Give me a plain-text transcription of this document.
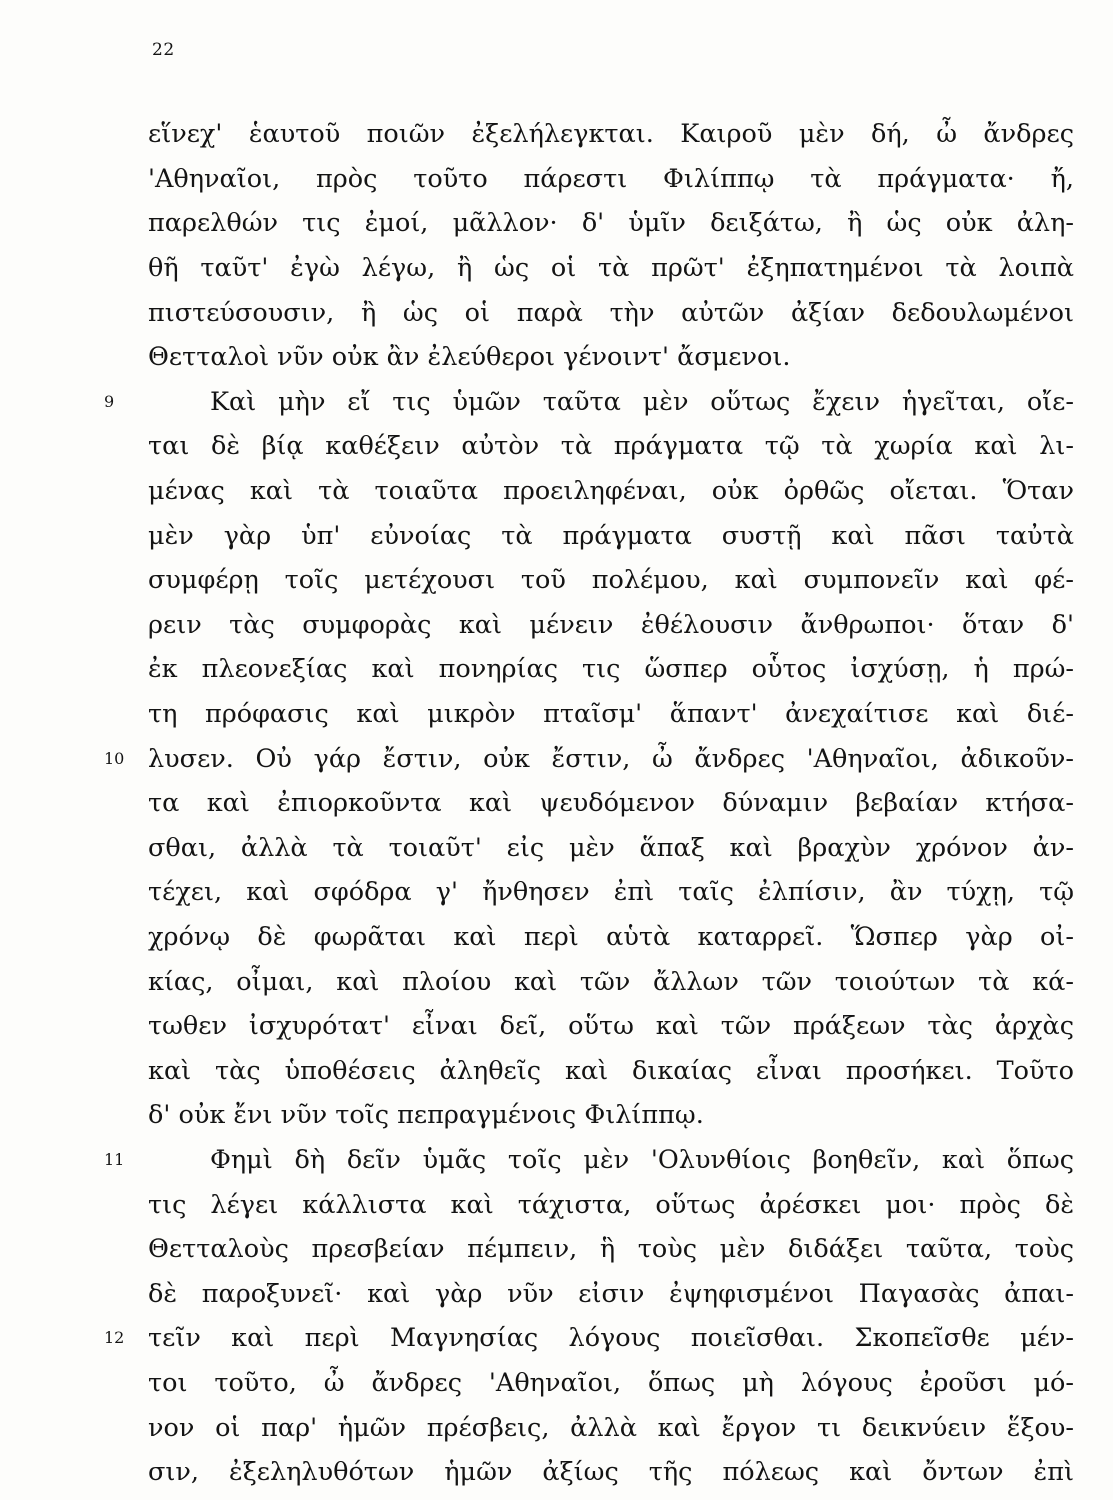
22
εἵνεχ' ἑαυτοῦ ποιῶν ἐξελήλεγκται. Καιροῦ μὲν δή, ὦ ἄνδρες
'Αθηναῖοι, πρὸς τοῦτο πάρεστι Φιλίππῳ τὰ πράγματα· ἤ,
παρελθών τις ἐμοί, μᾶλλον· δ' ὑμῖν δειξάτω, ἢ ὡς οὐκ ἀλη-
θῆ ταῦτ' ἐγὼ λέγω, ἢ ὡς οἱ τὰ πρῶτ' ἐξηπατημένοι τὰ λοιπὰ
πιστεύσουσιν, ἢ ὡς οἱ παρὰ τὴν αὐτῶν ἀξίαν δεδουλωμένοι
Θετταλοὶ νῦν οὐκ ἂν ἐλεύθεροι γένοιντ' ἄσμενοι.
9	Καὶ μὴν εἴ τις ὑμῶν ταῦτα μὲν οὕτως ἔχειν ἡγεῖται, οἴε-
ται δὲ βίᾳ καθέξειν αὐτὸν τὰ πράγματα τῷ τὰ χωρία καὶ λι-
μένας καὶ τὰ τοιαῦτα προειληφέναι, οὐκ ὀρθῶς οἴεται. Ὅταν
μὲν γὰρ ὑπ' εὐνοίας τὰ πράγματα συστῇ καὶ πᾶσι ταὐτὰ
συμφέρῃ τοῖς μετέχουσι τοῦ πολέμου, καὶ συμπονεῖν καὶ φέ-
ρειν τὰς συμφορὰς καὶ μένειν ἐθέλουσιν ἄνθρωποι· ὅταν δ'
ἐκ πλεονεξίας καὶ πονηρίας τις ὥσπερ οὗτος ἰσχύσῃ, ἡ πρώ-
τη πρόφασις καὶ μικρὸν πταῖσμ' ἅπαντ' ἀνεχαίτισε καὶ διέ-
10 λυσεν. Οὐ γάρ ἔστιν, οὐκ ἔστιν, ὦ ἄνδρες 'Αθηναῖοι, ἀδικοῦν-
τα καὶ ἐπιορκοῦντα καὶ ψευδόμενον δύναμιν βεβαίαν κτήσα-
σθαι, ἀλλὰ τὰ τοιαῦτ' εἰς μὲν ἅπαξ καὶ βραχὺν χρόνον ἀν-
τέχει, καὶ σφόδρα γ' ἤνθησεν ἐπὶ ταῖς ἐλπίσιν, ἂν τύχῃ, τῷ
χρόνῳ δὲ φωρᾶται καὶ περὶ αὑτὰ καταρρεῖ. Ὥσπερ γὰρ οἰ-
κίας, οἶμαι, καὶ πλοίου καὶ τῶν ἄλλων τῶν τοιούτων τὰ κά-
τωθεν ἰσχυρότατ' εἶναι δεῖ, οὕτω καὶ τῶν πράξεων τὰς ἀρχὰς
καὶ τὰς ὑποθέσεις ἀληθεῖς καὶ δικαίας εἶναι προσήκει. Τοῦτο
δ' οὐκ ἔνι νῦν τοῖς πεπραγμένοις Φιλίππῳ.
11	Φημὶ δὴ δεῖν ὑμᾶς τοῖς μὲν 'Ολυνθίοις βοηθεῖν, καὶ ὅπως
τις λέγει κάλλιστα καὶ τάχιστα, οὕτως ἀρέσκει μοι· πρὸς δὲ
Θετταλοὺς πρεσβείαν πέμπειν, ἣ τοὺς μὲν διδάξει ταῦτα, τοὺς
δὲ παροξυνεῖ· καὶ γὰρ νῦν εἰσιν ἐψηφισμένοι Παγασὰς ἀπαι-
12 τεῖν καὶ περὶ Μαγνησίας λόγους ποιεῖσθαι. Σκοπεῖσθε μέν-
τοι τοῦτο, ὦ ἄνδρες 'Αθηναῖοι, ὅπως μὴ λόγους ἐροῦσι μό-
νον οἱ παρ' ἡμῶν πρέσβεις, ἀλλὰ καὶ ἔργον τι δεικνύειν ἕξου-
σιν, ἐξεληλυθότων ἡμῶν ἀξίως τῆς πόλεως καὶ ὄντων ἐπὶ
